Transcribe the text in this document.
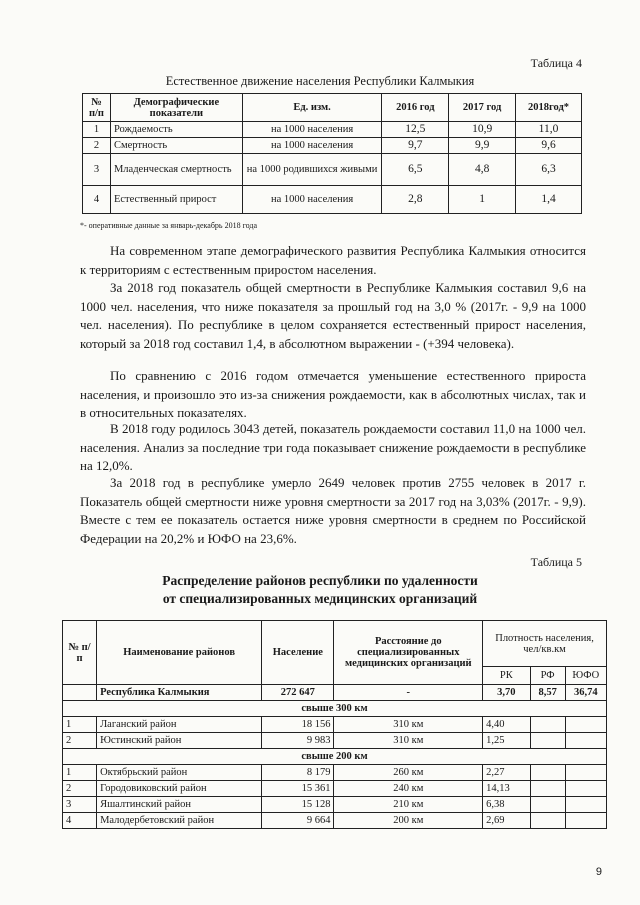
Таблица 4
Естественное движение населения Республики Калмыкия
№ п/п	Демографические показатели	Ед. изм.	2016 год	2017 год	2018год*
1	Рождаемость	на 1000 населения	12,5	10,9	11,0
2	Смертность	на 1000 населения	9,7	9,9	9,6
3	Младенческая смертность	на 1000 родившихся живыми	6,5	4,8	6,3
4	Естественный прирост	на 1000 населения	2,8	1	1,4
*- оперативные данные за январь-декабрь 2018 года

На современном этапе демографического развития Республика Калмыкия относится к территориям с естественным приростом населения.

За 2018 год показатель общей смертности в Республике Калмыкия составил 9,6 на 1000 чел. населения, что ниже показателя за прошлый год на 3,0 % (2017г. - 9,9 на 1000 чел. населения). По республике в целом сохраняется естественный прирост населения, который за 2018 год составил 1,4, в абсолютном выражении - (+394 человека).

По сравнению с 2016 годом отмечается уменьшение естественного прироста населения, и произошло это из-за снижения рождаемости, как в абсолютных числах, так и в относительных показателях.

В 2018 году родилось 3043 детей, показатель рождаемости составил 11,0 на 1000 чел. населения. Анализ за последние три года показывает снижение рождаемости в республике на 12,0%.

За 2018 год в республике умерло 2649 человек против 2755 человек в 2017 г. Показатель общей смертности ниже уровня смертности за 2017 год на 3,03% (2017г. - 9,9). Вместе с тем ее показатель остается ниже уровня смертности в среднем по Российской Федерации на 20,2% и ЮФО на 23,6%.

Таблица 5
Распределение районов республики по удаленности
от специализированных медицинских организаций
№ п/п	Наименование районов	Население	Расстояние до специализированных медицинских организаций	Плотность населения, чел/кв.км		
				РК	РФ	ЮФО
	Республика Калмыкия	272 647	-	3,70	8,57	36,74
свыше 300 км						
1	Лаганский район	18 156	310 км	4,40		
2	Юстинский район	9 983	310 км	1,25		
свыше 200 км						
1	Октябрьский район	8 179	260 км	2,27		
2	Городовиковский район	15 361	240 км	14,13		
3	Яшалтинский район	15 128	210 км	6,38		
4	Малодербетовский район	9 664	200 км	2,69		
9
